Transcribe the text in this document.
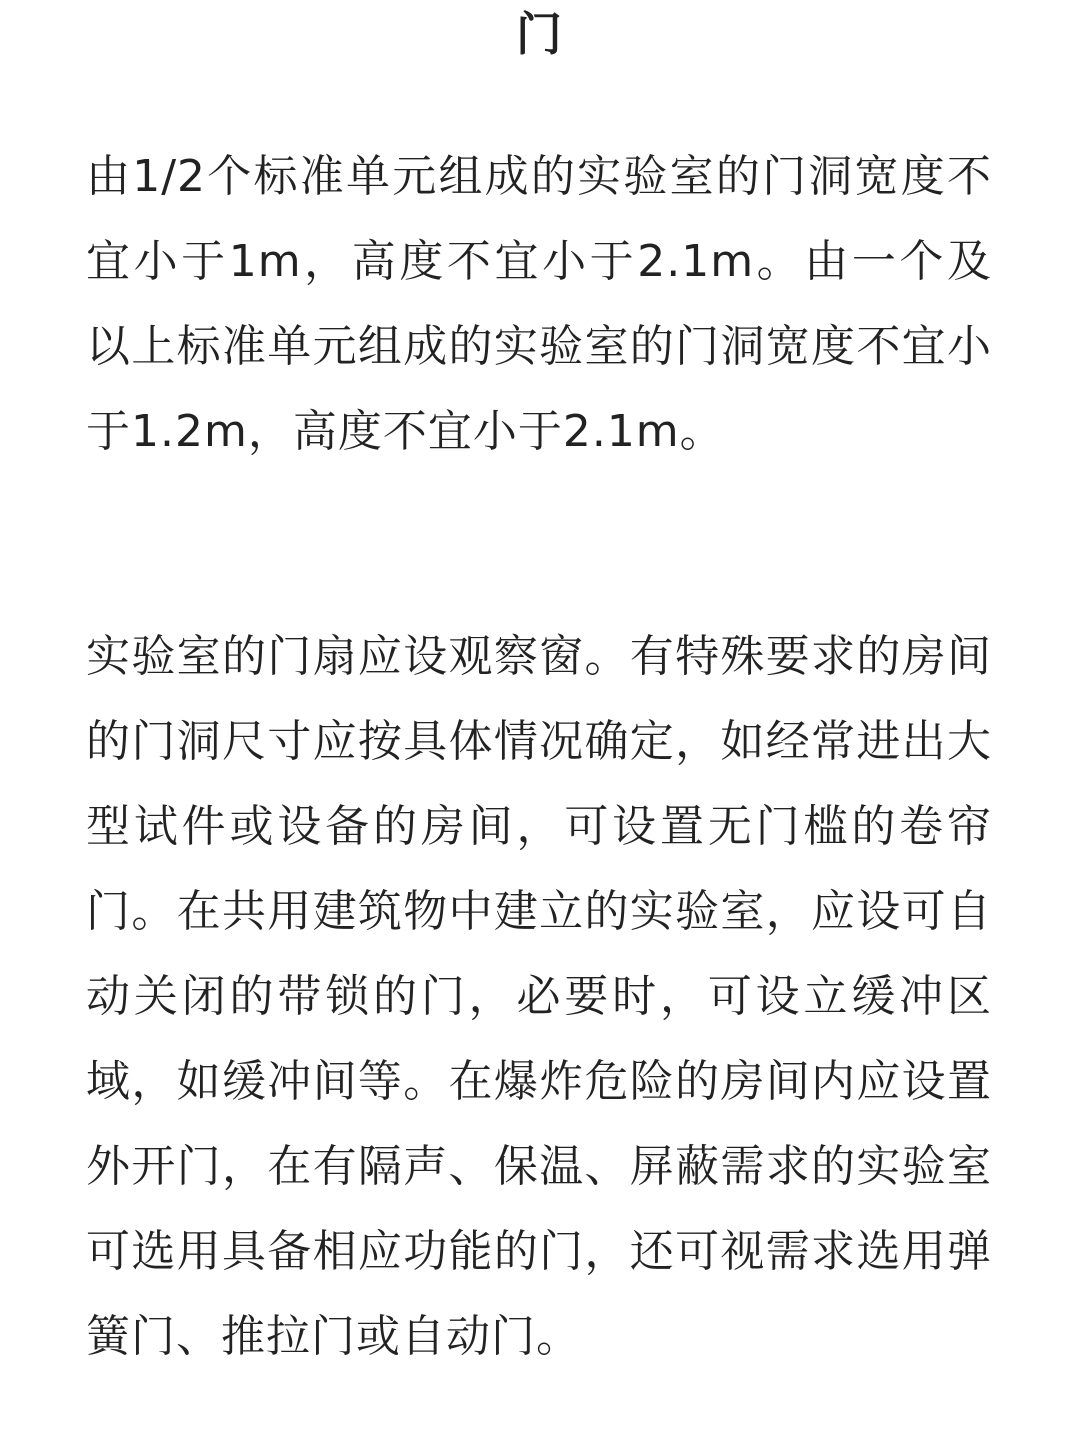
门

由1/2个标准单元组成的实验室的门洞宽度不宜小于1m，高度不宜小于2.1m。由一个及以上标准单元组成的实验室的门洞宽度不宜小于1.2m，高度不宜小于2.1m。

实验室的门扇应设观察窗。有特殊要求的房间的门洞尺寸应按具体情况确定，如经常进出大型试件或设备的房间，可设置无门槛的卷帘门。在共用建筑物中建立的实验室，应设可自动关闭的带锁的门，必要时，可设立缓冲区域，如缓冲间等。在爆炸危险的房间内应设置外开门，在有隔声、保温、屏蔽需求的实验室可选用具备相应功能的门，还可视需求选用弹簧门、推拉门或自动门。
